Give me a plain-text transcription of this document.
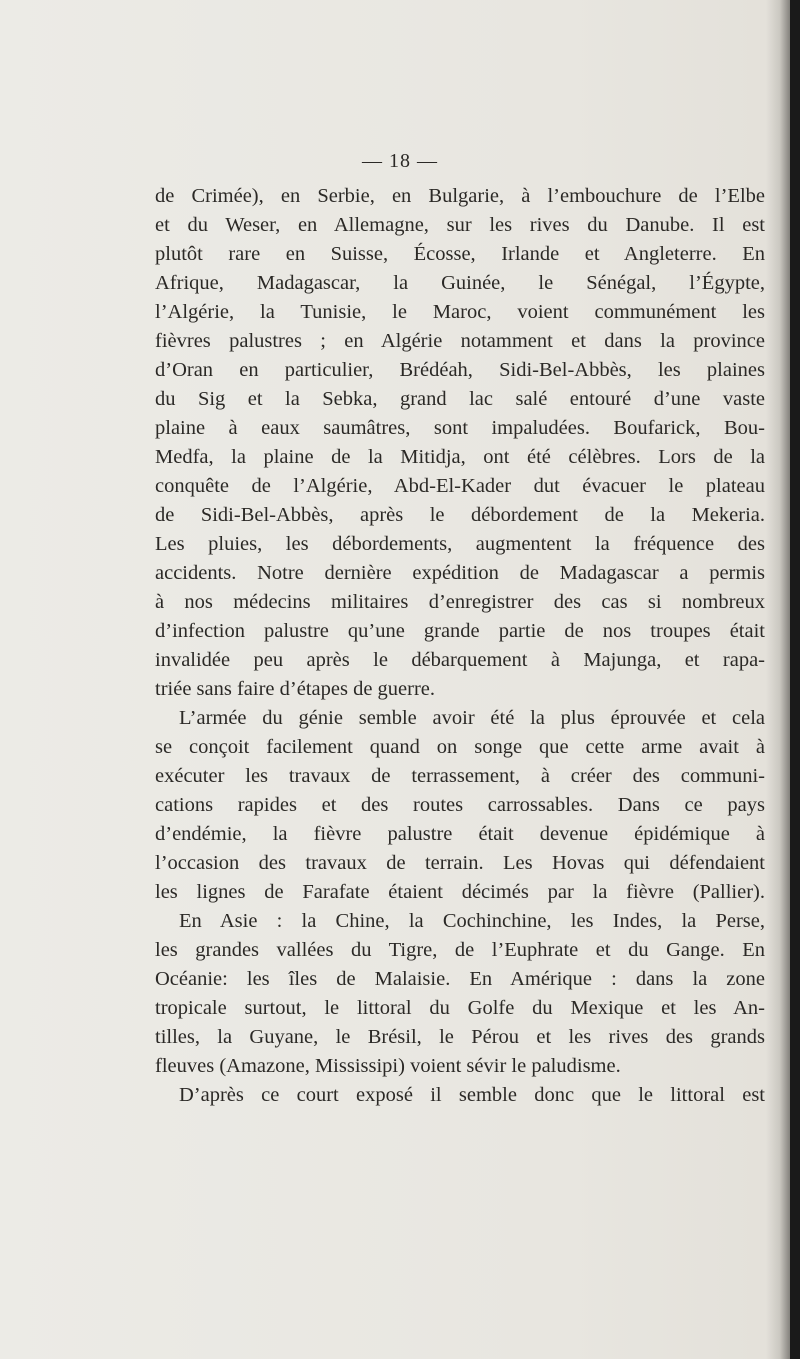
— 18 —
de Crimée), en Serbie, en Bulgarie, à l’embouchure de l’Elbe
et du Weser, en Allemagne, sur les rives du Danube. Il est
plutôt rare en Suisse, Écosse, Irlande et Angleterre. En
Afrique, Madagascar, la Guinée, le Sénégal, l’Égypte,
l’Algérie, la Tunisie, le Maroc, voient communément les
fièvres palustres ; en Algérie notamment et dans la province
d’Oran en particulier, Brédéah, Sidi-Bel-Abbès, les plaines
du Sig et la Sebka, grand lac salé entouré d’une vaste
plaine à eaux saumâtres, sont impaludées. Boufarick, Bou-
Medfa, la plaine de la Mitidja, ont été célèbres. Lors de la
conquête de l’Algérie, Abd-El-Kader dut évacuer le plateau
de Sidi-Bel-Abbès, après le débordement de la Mekeria.
Les pluies, les débordements, augmentent la fréquence des
accidents. Notre dernière expédition de Madagascar a permis
à nos médecins militaires d’enregistrer des cas si nombreux
d’infection palustre qu’une grande partie de nos troupes était
invalidée peu après le débarquement à Majunga, et rapa-
triée sans faire d’étapes de guerre.
L’armée du génie semble avoir été la plus éprouvée et cela
se conçoit facilement quand on songe que cette arme avait à
exécuter les travaux de terrassement, à créer des communi-
cations rapides et des routes carrossables. Dans ce pays
d’endémie, la fièvre palustre était devenue épidémique à
l’occasion des travaux de terrain. Les Hovas qui défendaient
les lignes de Farafate étaient décimés par la fièvre (Pallier).
En Asie : la Chine, la Cochinchine, les Indes, la Perse,
les grandes vallées du Tigre, de l’Euphrate et du Gange. En
Océanie: les îles de Malaisie. En Amérique : dans la zone
tropicale surtout, le littoral du Golfe du Mexique et les An-
tilles, la Guyane, le Brésil, le Pérou et les rives des grands
fleuves (Amazone, Mississipi) voient sévir le paludisme.
D’après ce court exposé il semble donc que le littoral est
